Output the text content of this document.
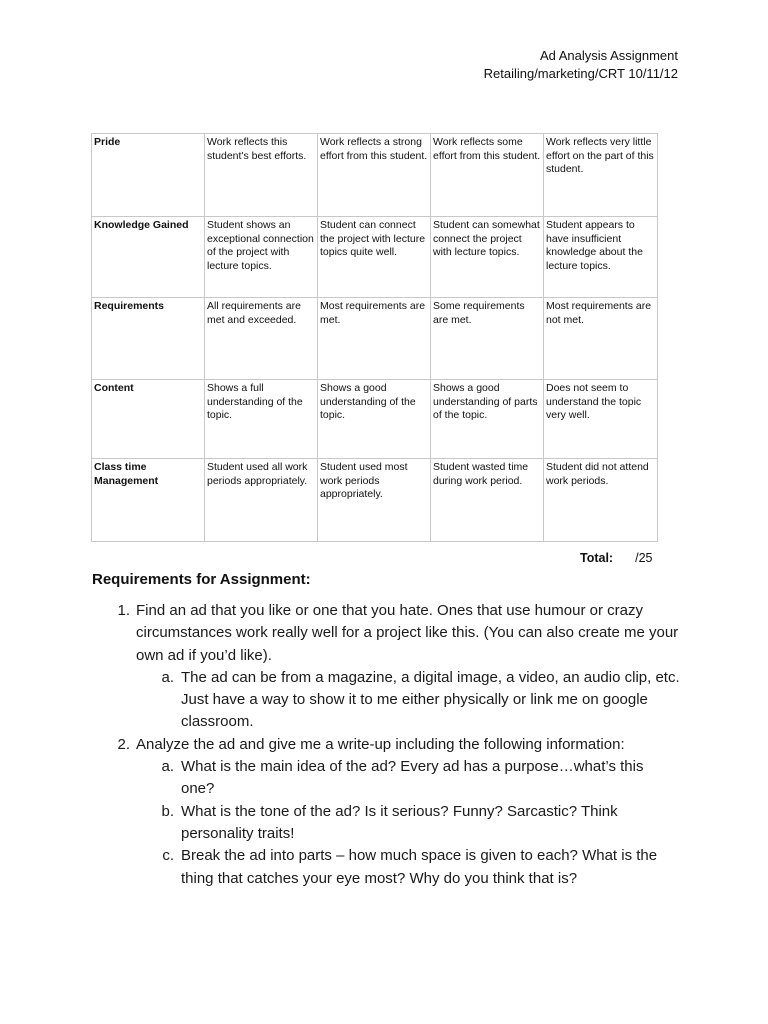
Ad Analysis Assignment
Retailing/marketing/CRT 10/11/12
Pride	Work reflects this student's best efforts.	Work reflects a strong effort from this student.	Work reflects some effort from this student.	Work reflects very little effort on the part of this student.
Knowledge Gained	Student shows an exceptional connection of the project with lecture topics.	Student can connect the project with lecture topics quite well.	Student can somewhat connect the project with lecture topics.	Student appears to have insufficient knowledge about the lecture topics.
Requirements	All requirements are met and exceeded.	Most requirements are met.	Some requirements are met.	Most requirements are not met.
Content	Shows a full understanding of the topic.	Shows a good understanding of the topic.	Shows a good understanding of parts of the topic.	Does not seem to understand the topic very well.
Class time Management	Student used all work periods appropriately.	Student used most work periods appropriately.	Student wasted time during work period.	Student did not attend work periods.
Total: /25
Requirements for Assignment:
1. Find an ad that you like or one that you hate. Ones that use humour or crazy circumstances work really well for a project like this. (You can also create me your own ad if you’d like).
a. The ad can be from a magazine, a digital image, a video, an audio clip, etc. Just have a way to show it to me either physically or link me on google classroom.
2. Analyze the ad and give me a write-up including the following information:
a. What is the main idea of the ad? Every ad has a purpose…what’s this one?
b. What is the tone of the ad? Is it serious? Funny? Sarcastic? Think personality traits!
c. Break the ad into parts – how much space is given to each? What is the thing that catches your eye most? Why do you think that is?
